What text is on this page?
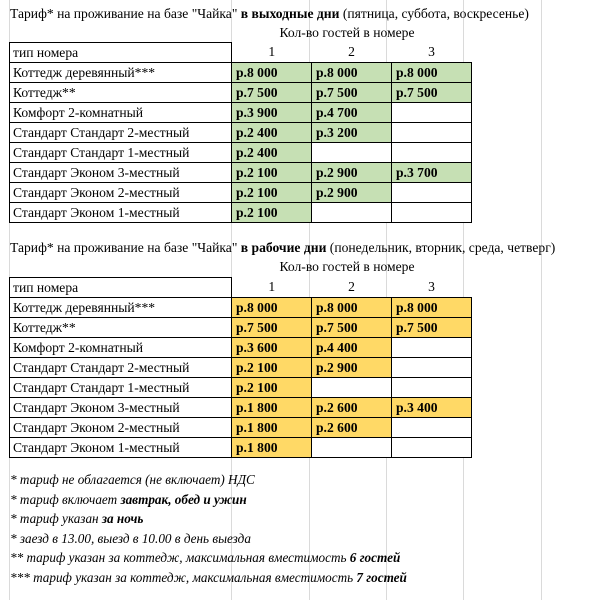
Тариф* на проживание на базе "Чайка" в выходные дни (пятница, суббота, воскресенье)
Кол-во гостей в номере
тип номера	1	2	3
Коттедж деревянный***	р.8 000	р.8 000	р.8 000
Коттедж**	р.7 500	р.7 500	р.7 500
Комфорт 2-комнатный	р.3 900	р.4 700	
Стандарт Стандарт 2-местный	р.2 400	р.3 200	
Стандарт Стандарт 1-местный	р.2 400		
Стандарт Эконом 3-местный	р.2 100	р.2 900	р.3 700
Стандарт Эконом 2-местный	р.2 100	р.2 900	
Стандарт Эконом 1-местный	р.2 100		
Тариф* на проживание на базе "Чайка" в рабочие дни (понедельник, вторник, среда, четверг)
Кол-во гостей в номере
тип номера	1	2	3
Коттедж деревянный***	р.8 000	р.8 000	р.8 000
Коттедж**	р.7 500	р.7 500	р.7 500
Комфорт 2-комнатный	р.3 600	р.4 400	
Стандарт Стандарт 2-местный	р.2 100	р.2 900	
Стандарт Стандарт 1-местный	р.2 100		
Стандарт Эконом 3-местный	р.1 800	р.2 600	р.3 400
Стандарт Эконом 2-местный	р.1 800	р.2 600	
Стандарт Эконом 1-местный	р.1 800		
* тариф не облагается (не включает) НДС
* тариф включает завтрак, обед и ужин
* тариф указан за ночь
* заезд в 13.00, выезд в 10.00 в день выезда
** тариф указан за коттедж, максимальная вместимость 6 гостей
*** тариф указан за коттедж, максимальная вместимость 7 гостей
